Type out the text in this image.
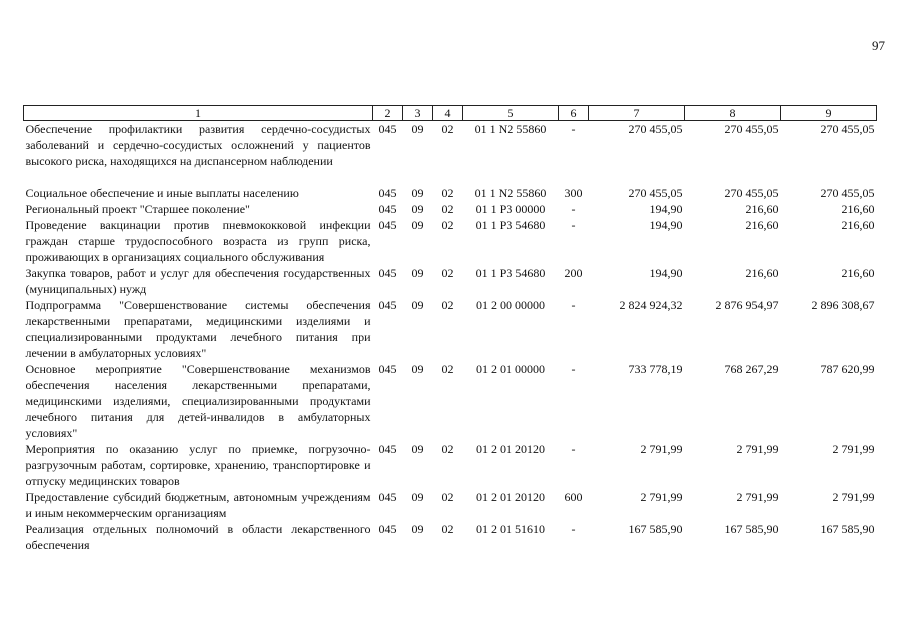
97
1	2	3	4	5	6	7	8	9
Обеспечение профилактики развития сердечно-сосудистых заболеваний и сердечно-сосудистых осложнений у пациентов высокого риска, находящихся на диспансерном наблюдении	045	09	02	01 1 N2 55860	-	270 455,05	270 455,05	270 455,05

Социальное обеспечение и иные выплаты населению	045	09	02	01 1 N2 55860	300	270 455,05	270 455,05	270 455,05
Региональный проект "Старшее поколение"	045	09	02	01 1 P3 00000	-	194,90	216,60	216,60
Проведение вакцинации против пневмококковой инфекции граждан старше трудоспособного возраста из групп риска, проживающих в организациях социального обслуживания	045	09	02	01 1 P3 54680	-	194,90	216,60	216,60
Закупка товаров, работ и услуг для обеспечения государственных (муниципальных) нужд	045	09	02	01 1 P3 54680	200	194,90	216,60	216,60
Подпрограмма "Совершенствование системы обеспечения лекарственными препаратами, медицинскими изделиями и специализированными продуктами лечебного питания при лечении в амбулаторных условиях"	045	09	02	01 2 00 00000	-	2 824 924,32	2 876 954,97	2 896 308,67
Основное мероприятие "Совершенствование механизмов обеспечения населения лекарственными препаратами, медицинскими изделиями, специализированными продуктами лечебного питания для детей-инвалидов в амбулаторных условиях"	045	09	02	01 2 01 00000	-	733 778,19	768 267,29	787 620,99
Мероприятия по оказанию услуг по приемке, погрузочно-разгрузочным работам, сортировке, хранению, транспортировке и отпуску медицинских товаров	045	09	02	01 2 01 20120	-	2 791,99	2 791,99	2 791,99
Предоставление субсидий бюджетным, автономным учреждениям и иным некоммерческим организациям	045	09	02	01 2 01 20120	600	2 791,99	2 791,99	2 791,99
Реализация отдельных полномочий в области лекарственного обеспечения	045	09	02	01 2 01 51610	-	167 585,90	167 585,90	167 585,90
